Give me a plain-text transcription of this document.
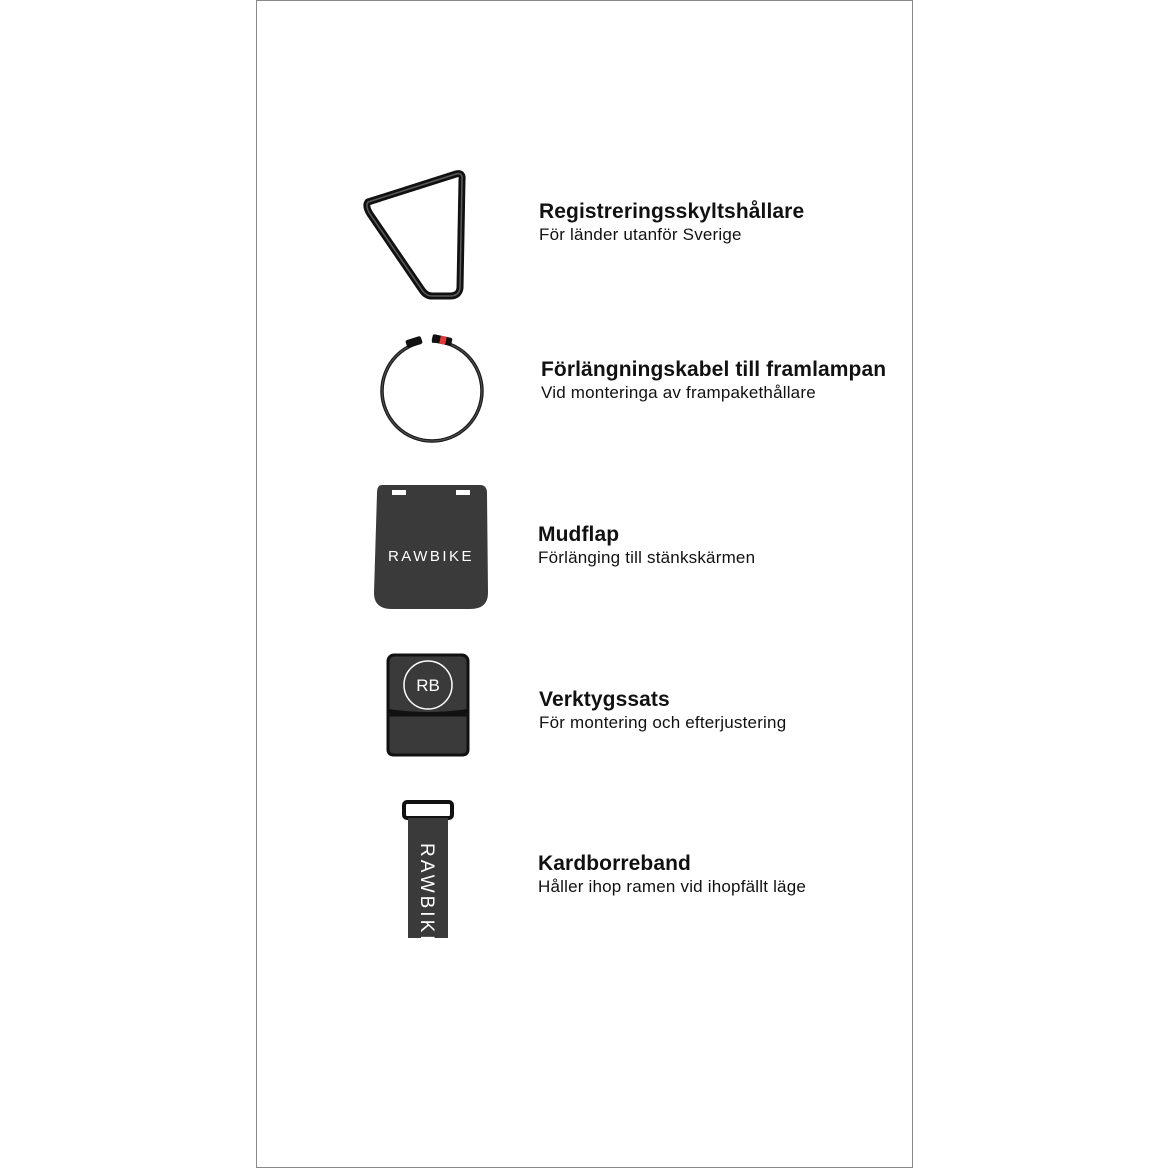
Registreringsskyltshållare
För länder utanför Sverige
Förlängningskabel till framlampan
Vid monteringa av frampakethållare
RAWBIKE
Mudflap
Förlänging till stänkskärmen
RB
Verktygssats
För montering och efterjustering
RAWBIKE	Kardborreband
Håller ihop ramen vid ihopfällt läge
